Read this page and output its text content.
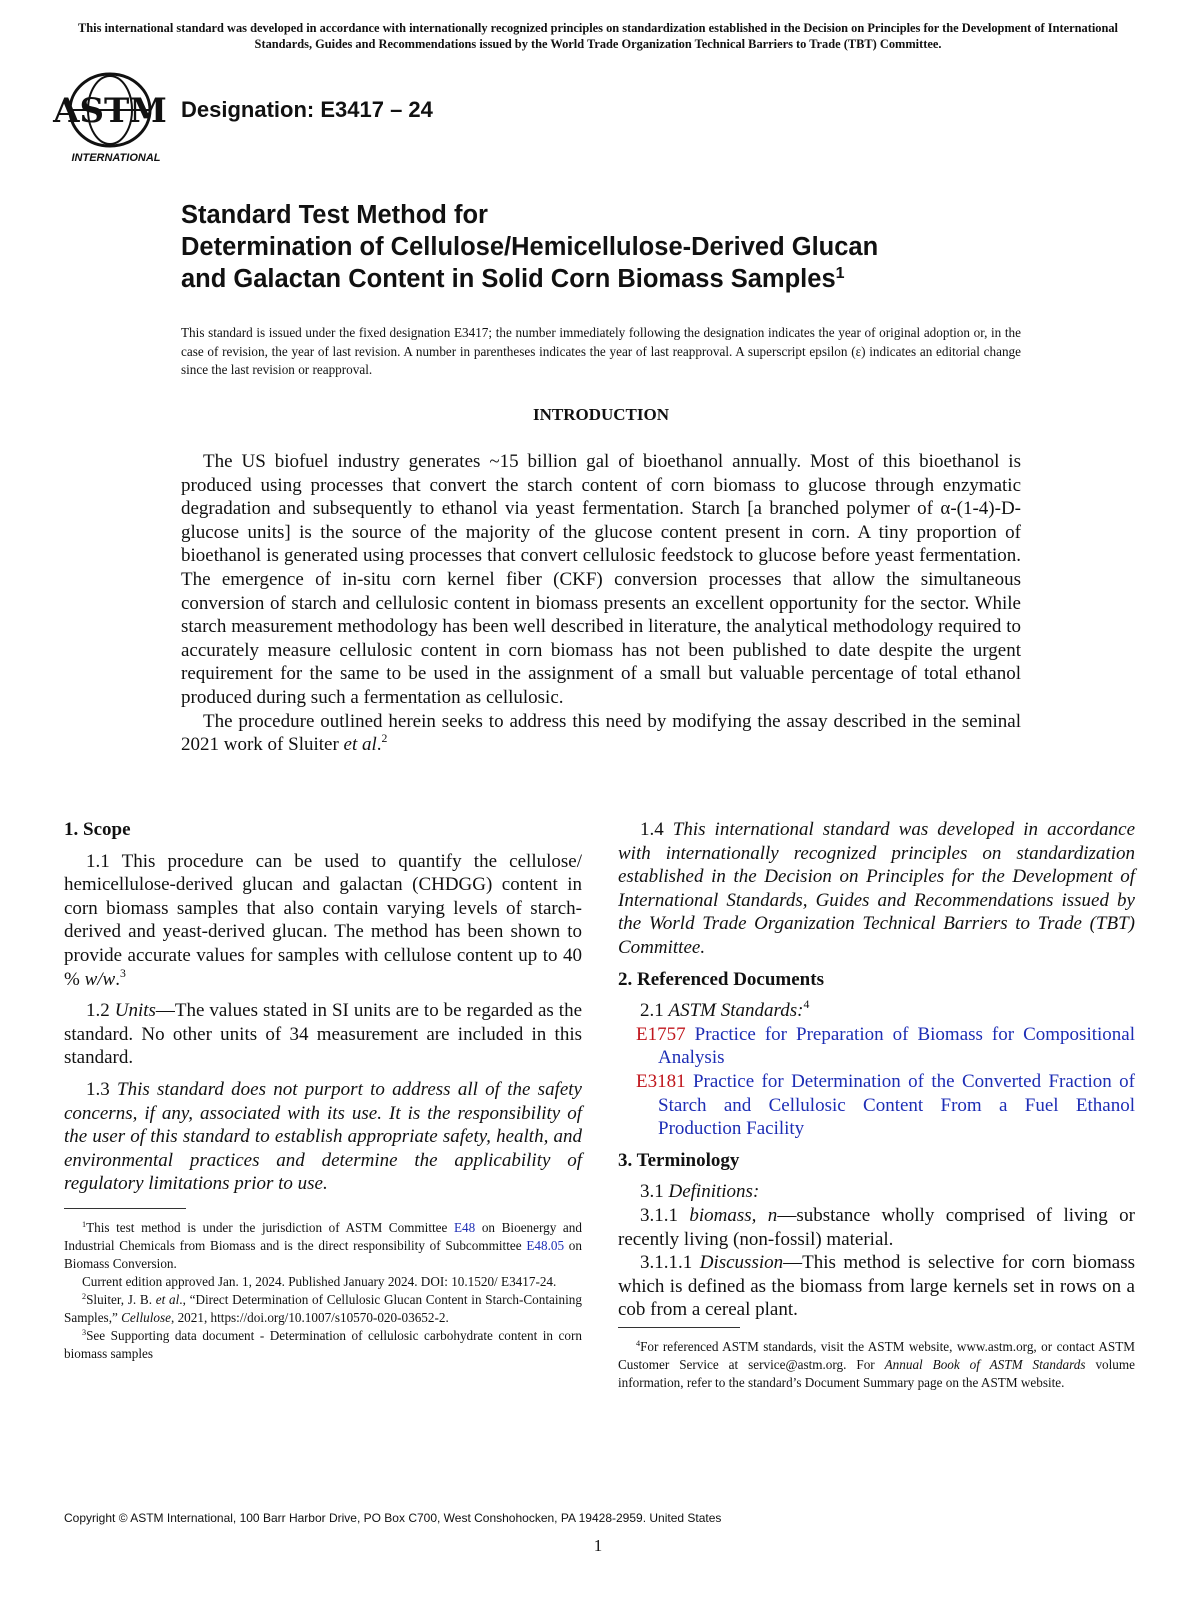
This international standard was developed in accordance with internationally recognized principles on standardization established in the Decision on Principles for the Development of International Standards, Guides and Recommendations issued by the World Trade Organization Technical Barriers to Trade (TBT) Committee.
ASTM
INTERNATIONAL
Designation: E3417 – 24
Standard Test Method for
Determination of Cellulose/Hemicellulose-Derived Glucan
and Galactan Content in Solid Corn Biomass Samples$^1$
This standard is issued under the fixed designation E3417; the number immediately following the designation indicates the year of original adoption or, in the case of revision, the year of last revision. A number in parentheses indicates the year of last reapproval. A superscript epsilon (ε) indicates an editorial change since the last revision or reapproval.
INTRODUCTION

The US biofuel industry generates ~15 billion gal of bioethanol annually. Most of this bioethanol is produced using processes that convert the starch content of corn biomass to glucose through enzymatic degradation and subsequently to ethanol via yeast fermentation. Starch [a branched polymer of α-(1-4)-D-glucose units] is the source of the majority of the glucose content present in corn. A tiny proportion of bioethanol is generated using processes that convert cellulosic feedstock to glucose before yeast fermentation. The emergence of in-situ corn kernel fiber (CKF) conversion processes that allow the simultaneous conversion of starch and cellulosic content in biomass presents an excellent opportunity for the sector. While starch measurement methodology has been well described in literature, the analytical methodology required to accurately measure cellulosic content in corn biomass has not been published to date despite the urgent requirement for the same to be used in the assignment of a small but valuable percentage of total ethanol produced during such a fermentation as cellulosic.

The procedure outlined herein seeks to address this need by modifying the assay described in the seminal 2021 work of Sluiter et al.$^2$

1. Scope

1.1 This procedure can be used to quantify the cellulose/ hemicellulose-derived glucan and galactan (CHDGG) content in corn biomass samples that also contain varying levels of starch-derived and yeast-derived glucan. The method has been shown to provide accurate values for samples with cellulose content up to 40 % w/w.$^3$

1.2 Units—The values stated in SI units are to be regarded as the standard. No other units of 34 measurement are included in this standard.

1.3 This standard does not purport to address all of the safety concerns, if any, associated with its use. It is the responsibility of the user of this standard to establish appropriate safety, health, and environmental practices and determine the applicability of regulatory limitations prior to use.

1.4 This international standard was developed in accordance with internationally recognized principles on standardization established in the Decision on Principles for the Development of International Standards, Guides and Recommendations issued by the World Trade Organization Technical Barriers to Trade (TBT) Committee.

2. Referenced Documents

2.1 ASTM Standards:$^4$

E1757 Practice for Preparation of Biomass for Compositional Analysis

E3181 Practice for Determination of the Converted Fraction of Starch and Cellulosic Content From a Fuel Ethanol Production Facility

3. Terminology

3.1 Definitions:

3.1.1 biomass, n—substance wholly comprised of living or recently living (non-fossil) material.

3.1.1.1 Discussion—This method is selective for corn biomass which is defined as the biomass from large kernels set in rows on a cob from a cereal plant.

$^1$This test method is under the jurisdiction of ASTM Committee E48 on Bioenergy and Industrial Chemicals from Biomass and is the direct responsibility of Subcommittee E48.05 on Biomass Conversion.

Current edition approved Jan. 1, 2024. Published January 2024. DOI: 10.1520/ E3417-24.

$^2$Sluiter, J. B. et al., “Direct Determination of Cellulosic Glucan Content in Starch-Containing Samples,” Cellulose, 2021, https://doi.org/10.1007/s10570-020-03652-2.

$^3$See Supporting data document - Determination of cellulosic carbohydrate content in corn biomass samples

$^4$For referenced ASTM standards, visit the ASTM website, www.astm.org, or contact ASTM Customer Service at service@astm.org. For Annual Book of ASTM Standards volume information, refer to the standard’s Document Summary page on the ASTM website.

Copyright © ASTM International, 100 Barr Harbor Drive, PO Box C700, West Conshohocken, PA 19428-2959. United States
1
